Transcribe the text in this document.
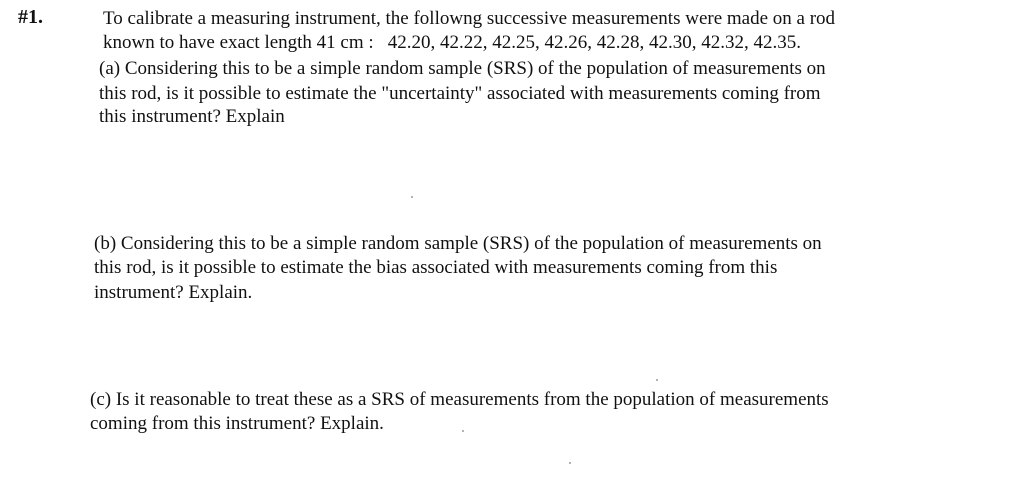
#1.	To calibrate a measuring instrument, the followng successive measurements were made on a rod
known to have exact length 41 cm : 42.20, 42.22, 42.25, 42.26, 42.28, 42.30, 42.32, 42.35.
(a) Considering this to be a simple random sample (SRS) of the population of measurements on
this rod, is it possible to estimate the "uncertainty" associated with measurements coming from
this instrument? Explain
(b) Considering this to be a simple random sample (SRS) of the population of measurements on
this rod, is it possible to estimate the bias associated with measurements coming from this
instrument? Explain.
(c) Is it reasonable to treat these as a SRS of measurements from the population of measurements
coming from this instrument? Explain.
